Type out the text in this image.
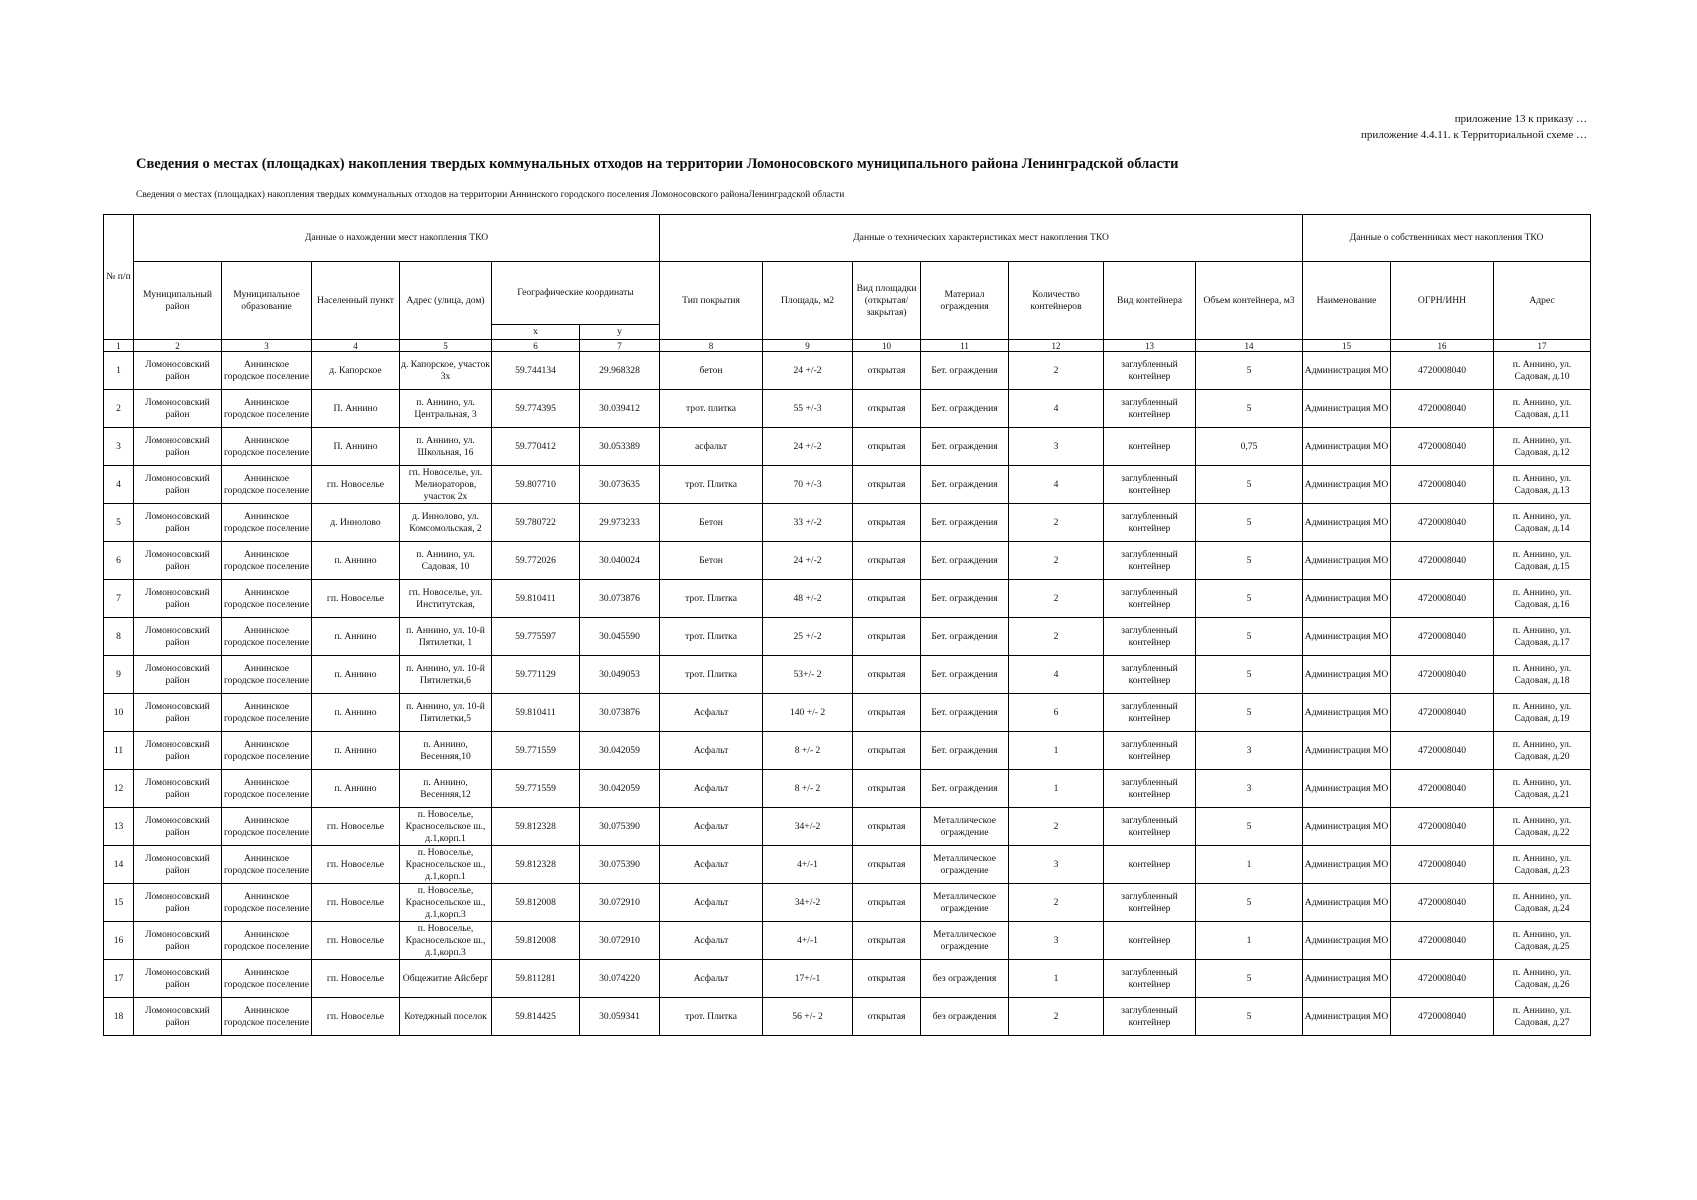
приложение 13 к приказу …
приложение 4.4.11. к Территориальной схеме …
Сведения о местах (площадках) накопления твердых коммунальных отходов на территории Ломоносовского муниципального района Ленинградской области
Сведения о местах (площадках) накопления твердых коммунальных отходов на территории Аннинского городского поселения Ломоносовского районаЛенинградской области
№ п/п	Данные о нахождении мест накопления ТКО						Данные о технических характеристиках мест накопления ТКО							Данные о собственниках мест накопления ТКО		
	Муниципальный район	Муниципальное образование	Населенный пункт	Адрес (улица, дом)	Географические координаты		Тип покрытия	Площадь, м2	Вид площадки (открытая/закрытая)	Материал ограждения	Количество контейнеров	Вид контейнера	Объем контейнера, м3	Наименование	ОГРН/ИНН	Адрес
					x	y										
1	2	3	4	5	6	7	8	9	10	11	12	13	14	15	16	17

1	Ломоносовский район	Аннинское городское поселение	д. Капорское	д. Капорское, участок 3х	59.744134	29.968328	бетон	24 +/-2	открытая	Бет. ограждения	2	заглубленный контейнер	5	Администрация МО	4720008040	п. Аннино, ул. Садовая, д.10

2	Ломоносовский район	Аннинское городское поселение	П. Аннино	п. Аннино, ул. Центральная, 3	59.774395	30.039412	трот. плитка	55 +/-3	открытая	Бет. ограждения	4	заглубленный контейнер	5	Администрация МО	4720008040	п. Аннино, ул. Садовая, д.11

3	Ломоносовский район	Аннинское городское поселение	П. Аннино	п. Аннино, ул. Школьная, 16	59.770412	30.053389	асфальт	24 +/-2	открытая	Бет. ограждения	3	контейнер	0,75	Администрация МО	4720008040	п. Аннино, ул. Садовая, д.12

4	Ломоносовский район	Аннинское городское поселение	гп. Новоселье	гп. Новоселье, ул. Мелиораторов, участок 2х	59.807710	30.073635	трот. Плитка	70 +/-3	открытая	Бет. ограждения	4	заглубленный контейнер	5	Администрация МО	4720008040	п. Аннино, ул. Садовая, д.13

5	Ломоносовский район	Аннинское городское поселение	д. Иннолово	д. Иннолово, ул. Комсомольская, 2	59.780722	29.973233	Бетон	33 +/-2	открытая	Бет. ограждения	2	заглубленный контейнер	5	Администрация МО	4720008040	п. Аннино, ул. Садовая, д.14

6	Ломоносовский район	Аннинское городское поселение	п. Аннино	п. Аннино, ул. Садовая, 10	59.772026	30.040024	Бетон	24 +/-2	открытая	Бет. ограждения	2	заглубленный контейнер	5	Администрация МО	4720008040	п. Аннино, ул. Садовая, д.15

7	Ломоносовский район	Аннинское городское поселение	гп. Новоселье	гп. Новоселье, ул. Институтская,	59.810411	30.073876	трот. Плитка	48 +/-2	открытая	Бет. ограждения	2	заглубленный контейнер	5	Администрация МО	4720008040	п. Аннино, ул. Садовая, д.16

8	Ломоносовский район	Аннинское городское поселение	п. Аннино	п. Аннино, ул. 10-й Пятилетки, 1	59.775597	30.045590	трот. Плитка	25 +/-2	открытая	Бет. ограждения	2	заглубленный контейнер	5	Администрация МО	4720008040	п. Аннино, ул. Садовая, д.17

9	Ломоносовский район	Аннинское городское поселение	п. Аннино	п. Аннино, ул. 10-й Пятилетки,6	59.771129	30.049053	трот. Плитка	53+/- 2	открытая	Бет. ограждения	4	заглубленный контейнер	5	Администрация МО	4720008040	п. Аннино, ул. Садовая, д.18

10	Ломоносовский район	Аннинское городское поселение	п. Аннино	п. Аннино, ул. 10-й Пятилетки,5	59.810411	30.073876	Асфальт	140 +/- 2	открытая	Бет. ограждения	6	заглубленный контейнер	5	Администрация МО	4720008040	п. Аннино, ул. Садовая, д.19

11	Ломоносовский район	Аннинское городское поселение	п. Аннино	п. Аннино, Весенняя,10	59.771559	30.042059	Асфальт	8 +/- 2	открытая	Бет. ограждения	1	заглубленный контейнер	3	Администрация МО	4720008040	п. Аннино, ул. Садовая, д.20

12	Ломоносовский район	Аннинское городское поселение	п. Аннино	п. Аннино, Весенняя,12	59.771559	30.042059	Асфальт	8 +/- 2	открытая	Бет. ограждения	1	заглубленный контейнер	3	Администрация МО	4720008040	п. Аннино, ул. Садовая, д.21

13	Ломоносовский район	Аннинское городское поселение	гп. Новоселье	п. Новоселье, Красносельское ш., д.1,корп.1	59.812328	30.075390	Асфальт	34+/-2	открытая	Металлическое ограждение	2	заглубленный контейнер	5	Администрация МО	4720008040	п. Аннино, ул. Садовая, д.22

14	Ломоносовский район	Аннинское городское поселение	гп. Новоселье	п. Новоселье, Красносельское ш., д.1,корп.1	59.812328	30.075390	Асфальт	4+/-1	открытая	Металлическое ограждение	3	контейнер	1	Администрация МО	4720008040	п. Аннино, ул. Садовая, д.23

15	Ломоносовский район	Аннинское городское поселение	гп. Новоселье	п. Новоселье, Красносельское ш., д.1,корп.3	59.812008	30.072910	Асфальт	34+/-2	открытая	Металлическое ограждение	2	заглубленный контейнер	5	Администрация МО	4720008040	п. Аннино, ул. Садовая, д.24

16	Ломоносовский район	Аннинское городское поселение	гп. Новоселье	п. Новоселье, Красносельское ш., д.1,корп.3	59.812008	30.072910	Асфальт	4+/-1	открытая	Металлическое ограждение	3	контейнер	1	Администрация МО	4720008040	п. Аннино, ул. Садовая, д.25

17	Ломоносовский район	Аннинское городское поселение	гп. Новоселье	Общежитие Айсберг	59.811281	30.074220	Асфальт	17+/-1	открытая	без ограждения	1	заглубленный контейнер	5	Администрация МО	4720008040	п. Аннино, ул. Садовая, д.26

18	Ломоносовский район	Аннинское городское поселение	гп. Новоселье	Котеджный поселок	59.814425	30.059341	трот. Плитка	56 +/- 2	открытая	без ограждения	2	заглубленный контейнер	5	Администрация МО	4720008040	п. Аннино, ул. Садовая, д.27
